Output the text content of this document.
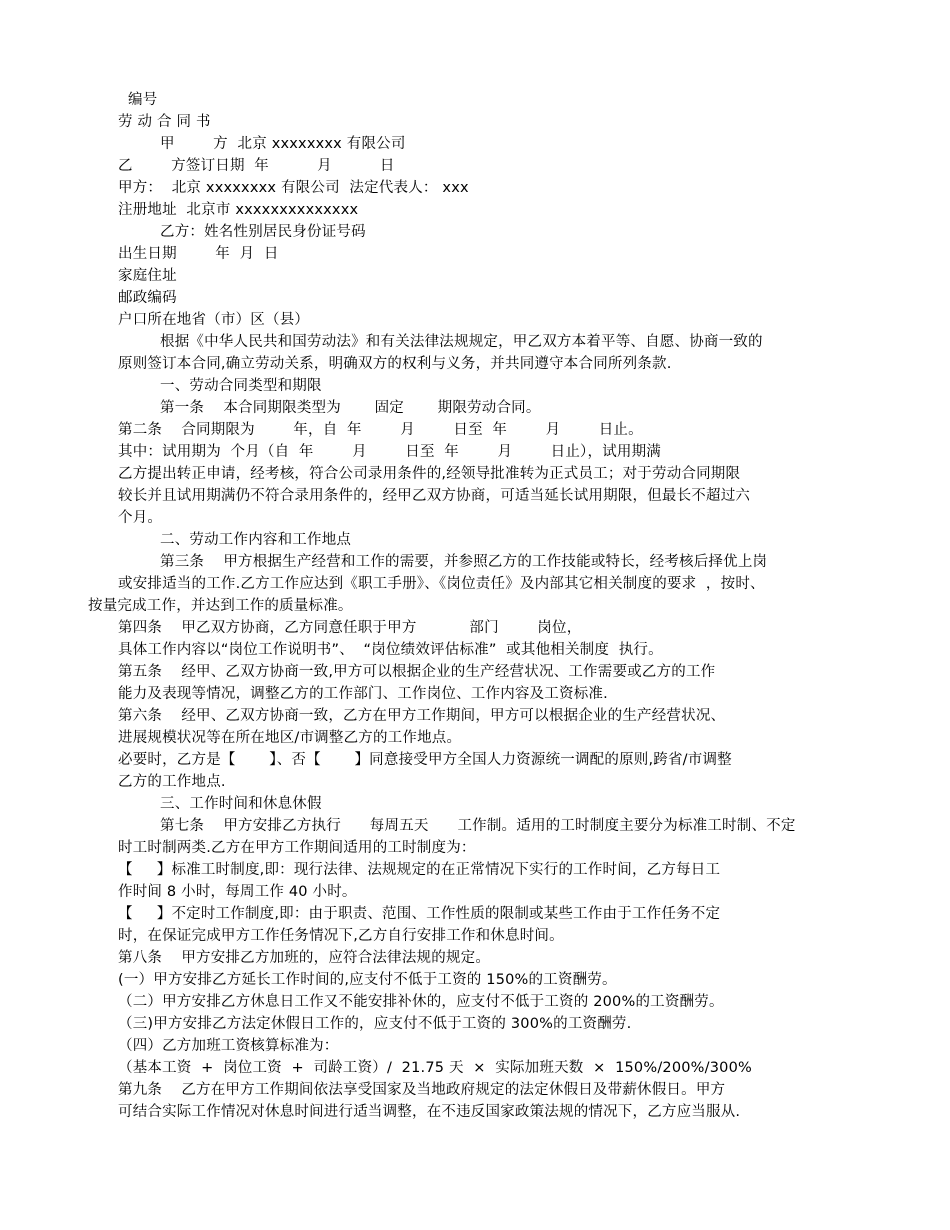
编号
劳 动 合 同 书
甲        方  北京 xxxxxxxx 有限公司
乙        方签订日期  年          月          日
甲方：  北京 xxxxxxxx 有限公司  法定代表人： xxx
注册地址  北京市 xxxxxxxxxxxxxx
乙方：姓名性别居民身份证号码
出生日期        年  月  日
家庭住址
邮政编码
户口所在地省（市）区（县）
根据《中华人民共和国劳动法》和有关法律法规规定，甲乙双方本着平等、自愿、协商一致的
原则签订本合同,确立劳动关系，明确双方的权利与义务，并共同遵守本合同所列条款.
一、劳动合同类型和期限
第一条    本合同期限类型为       固定       期限劳动合同。
第二条    合同期限为        年，自  年        月        日至  年        月        日止。
其中：试用期为  个月（自  年        月        日至  年        月        日止），试用期满
乙方提出转正申请，经考核，符合公司录用条件的,经领导批准转为正式员工；对于劳动合同期限
较长并且试用期满仍不符合录用条件的，经甲乙双方协商，可适当延长试用期限，但最长不超过六
个月。
二、劳动工作内容和工作地点
第三条    甲方根据生产经营和工作的需要，并参照乙方的工作技能或特长，经考核后择优上岗
或安排适当的工作.乙方工作应达到《职工手册》、《岗位责任》及内部其它相关制度的要求  ，按时、
按量完成工作，并达到工作的质量标准。
第四条    甲乙双方协商，乙方同意任职于甲方           部门        岗位，
具体工作内容以“岗位工作说明书”、  “岗位绩效评估标准”  或其他相关制度  执行。
第五条    经甲、乙双方协商一致,甲方可以根据企业的生产经营状况、工作需要或乙方的工作
能力及表现等情况，调整乙方的工作部门、工作岗位、工作内容及工资标准.
第六条    经甲、乙双方协商一致，乙方在甲方工作期间，甲方可以根据企业的生产经营状况、
进展规模状况等在所在地区/市调整乙方的工作地点。
必要时，乙方是【       】、否【       】同意接受甲方全国人力资源统一调配的原则,跨省/市调整
乙方的工作地点.
三、工作时间和休息休假
第七条    甲方安排乙方执行      每周五天      工作制。适用的工时制度主要分为标准工时制、不定
时工时制两类.乙方在甲方工作期间适用的工时制度为：
【     】标准工时制度,即：现行法律、法规规定的在正常情况下实行的工作时间，乙方每日工
作时间 8 小时，每周工作 40 小时。
【     】不定时工作制度,即：由于职责、范围、工作性质的限制或某些工作由于工作任务不定
时，在保证完成甲方工作任务情况下,乙方自行安排工作和休息时间。
第八条    甲方安排乙方加班的，应符合法律法规的规定。
(一）甲方安排乙方延长工作时间的,应支付不低于工资的 150%的工资酬劳。
（二）甲方安排乙方休息日工作又不能安排补休的，应支付不低于工资的 200%的工资酬劳。
（三)甲方安排乙方法定休假日工作的，应支付不低于工资的 300%的工资酬劳.
（四）乙方加班工资核算标准为：
（基本工资  +  岗位工资  +  司龄工资）/  21.75 天  ×  实际加班天数  ×  150%/200%/300%
第九条    乙方在甲方工作期间依法享受国家及当地政府规定的法定休假日及带薪休假日。甲方
可结合实际工作情况对休息时间进行适当调整，在不违反国家政策法规的情况下，乙方应当服从.
